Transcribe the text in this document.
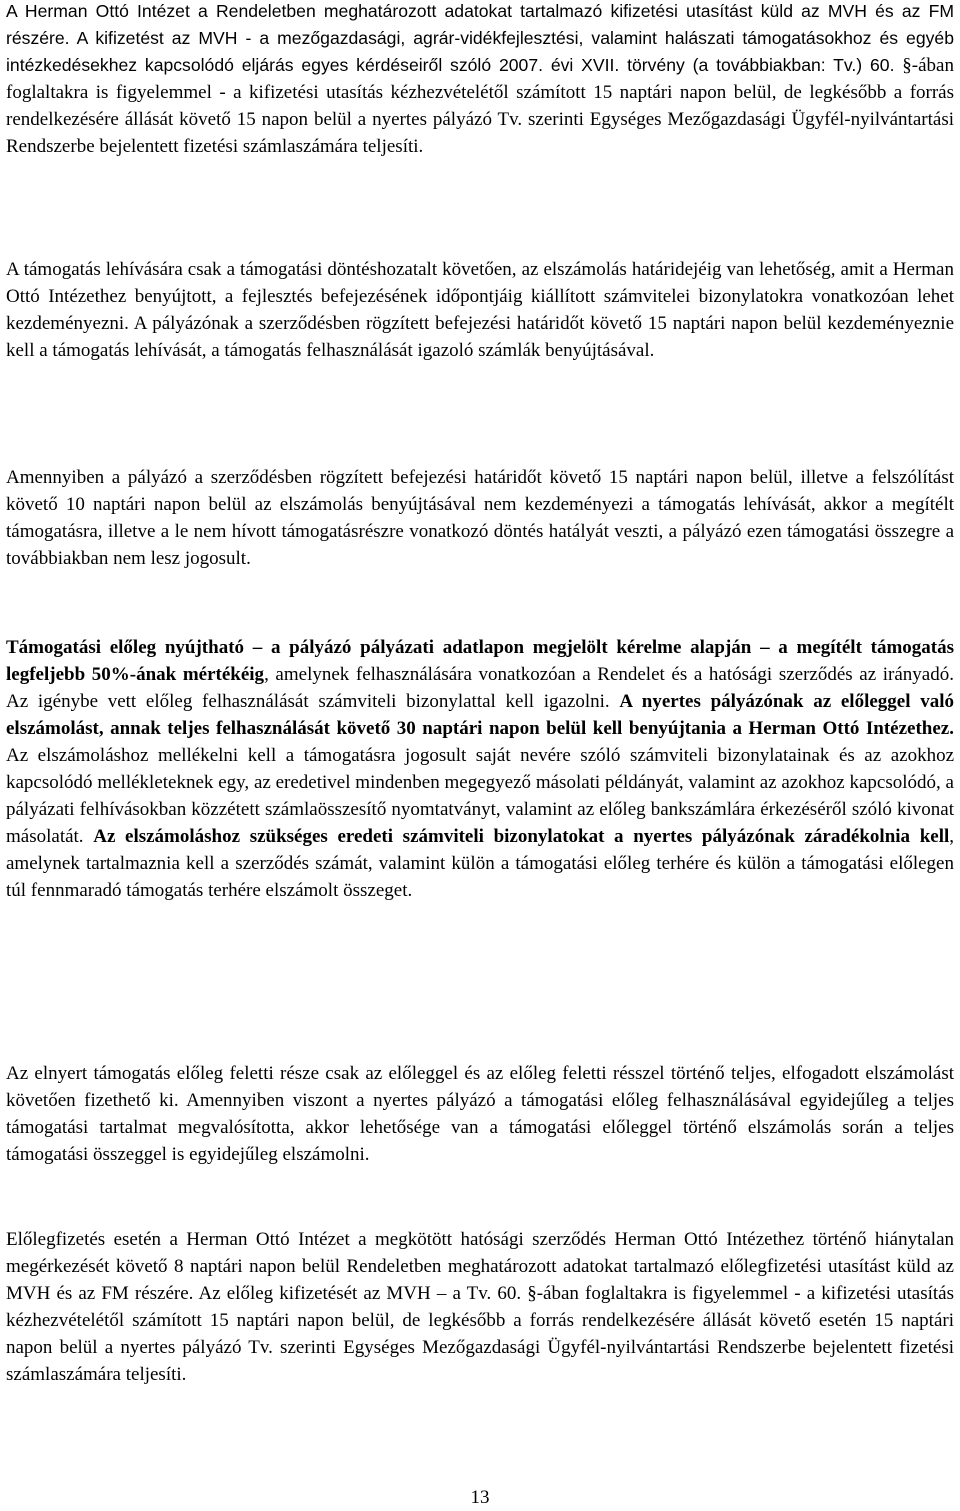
A Herman Ottó Intézet a Rendeletben meghatározott adatokat tartalmazó kifizetési utasítást küld az MVH és az FM részére. A kifizetést az MVH - a mezőgazdasági, agrár-vidékfejlesztési, valamint halászati támogatásokhoz és egyéb intézkedésekhez kapcsolódó eljárás egyes kérdéseiről szóló 2007. évi XVII. törvény (a továbbiakban: Tv.) 60. §-ában foglaltakra is figyelemmel - a kifizetési utasítás kézhezvételétől számított 15 naptári napon belül, de legkésőbb a forrás rendelkezésére állását követő 15 napon belül a nyertes pályázó Tv. szerinti Egységes Mezőgazdasági Ügyfél-nyilvántartási Rendszerbe bejelentett fizetési számlaszámára teljesíti.

A támogatás lehívására csak a támogatási döntéshozatalt követően, az elszámolás határidejéig van lehetőség, amit a Herman Ottó Intézethez benyújtott, a fejlesztés befejezésének időpontjáig kiállított számvitelei bizonylatokra vonatkozóan lehet kezdeményezni. A pályázónak a szerződésben rögzített befejezési határidőt követő 15 naptári napon belül kezdeményeznie kell a támogatás lehívását, a támogatás felhasználását igazoló számlák benyújtásával.

Amennyiben a pályázó a szerződésben rögzített befejezési határidőt követő 15 naptári napon belül, illetve a felszólítást követő 10 naptári napon belül az elszámolás benyújtásával nem kezdeményezi a támogatás lehívását, akkor a megítélt támogatásra, illetve a le nem hívott támogatásrészre vonatkozó döntés hatályát veszti, a pályázó ezen támogatási összegre a továbbiakban nem lesz jogosult.

Támogatási előleg nyújtható – a pályázó pályázati adatlapon megjelölt kérelme alapján – a megítélt támogatás legfeljebb 50%-ának mértékéig, amelynek felhasználására vonatkozóan a Rendelet és a hatósági szerződés az irányadó. Az igénybe vett előleg felhasználását számviteli bizonylattal kell igazolni. A nyertes pályázónak az előleggel való elszámolást, annak teljes felhasználását követő 30 naptári napon belül kell benyújtania a Herman Ottó Intézethez. Az elszámoláshoz mellékelni kell a támogatásra jogosult saját nevére szóló számviteli bizonylatainak és az azokhoz kapcsolódó mellékleteknek egy, az eredetivel mindenben megegyező másolati példányát, valamint az azokhoz kapcsolódó, a pályázati felhívásokban közzétett számlaösszesítő nyomtatványt, valamint az előleg bankszámlára érkezéséről szóló kivonat másolatát. Az elszámoláshoz szükséges eredeti számviteli bizonylatokat a nyertes pályázónak záradékolnia kell, amelynek tartalmaznia kell a szerződés számát, valamint külön a támogatási előleg terhére és külön a támogatási előlegen túl fennmaradó támogatás terhére elszámolt összeget.

Az elnyert támogatás előleg feletti része csak az előleggel és az előleg feletti résszel történő teljes, elfogadott elszámolást követően fizethető ki. Amennyiben viszont a nyertes pályázó a támogatási előleg felhasználásával egyidejűleg a teljes támogatási tartalmat megvalósította, akkor lehetősége van a támogatási előleggel történő elszámolás során a teljes támogatási összeggel is egyidejűleg elszámolni.

Előlegfizetés esetén a Herman Ottó Intézet a megkötött hatósági szerződés Herman Ottó Intézethez történő hiánytalan megérkezését követő 8 naptári napon belül Rendeletben meghatározott adatokat tartalmazó előlegfizetési utasítást küld az MVH és az FM részére. Az előleg kifizetését az MVH – a Tv. 60. §-ában foglaltakra is figyelemmel - a kifizetési utasítás kézhezvételétől számított 15 naptári napon belül, de legkésőbb a forrás rendelkezésére állását követő esetén 15 naptári napon belül a nyertes pályázó Tv. szerinti Egységes Mezőgazdasági Ügyfél-nyilvántartási Rendszerbe bejelentett fizetési számlaszámára teljesíti.

13
